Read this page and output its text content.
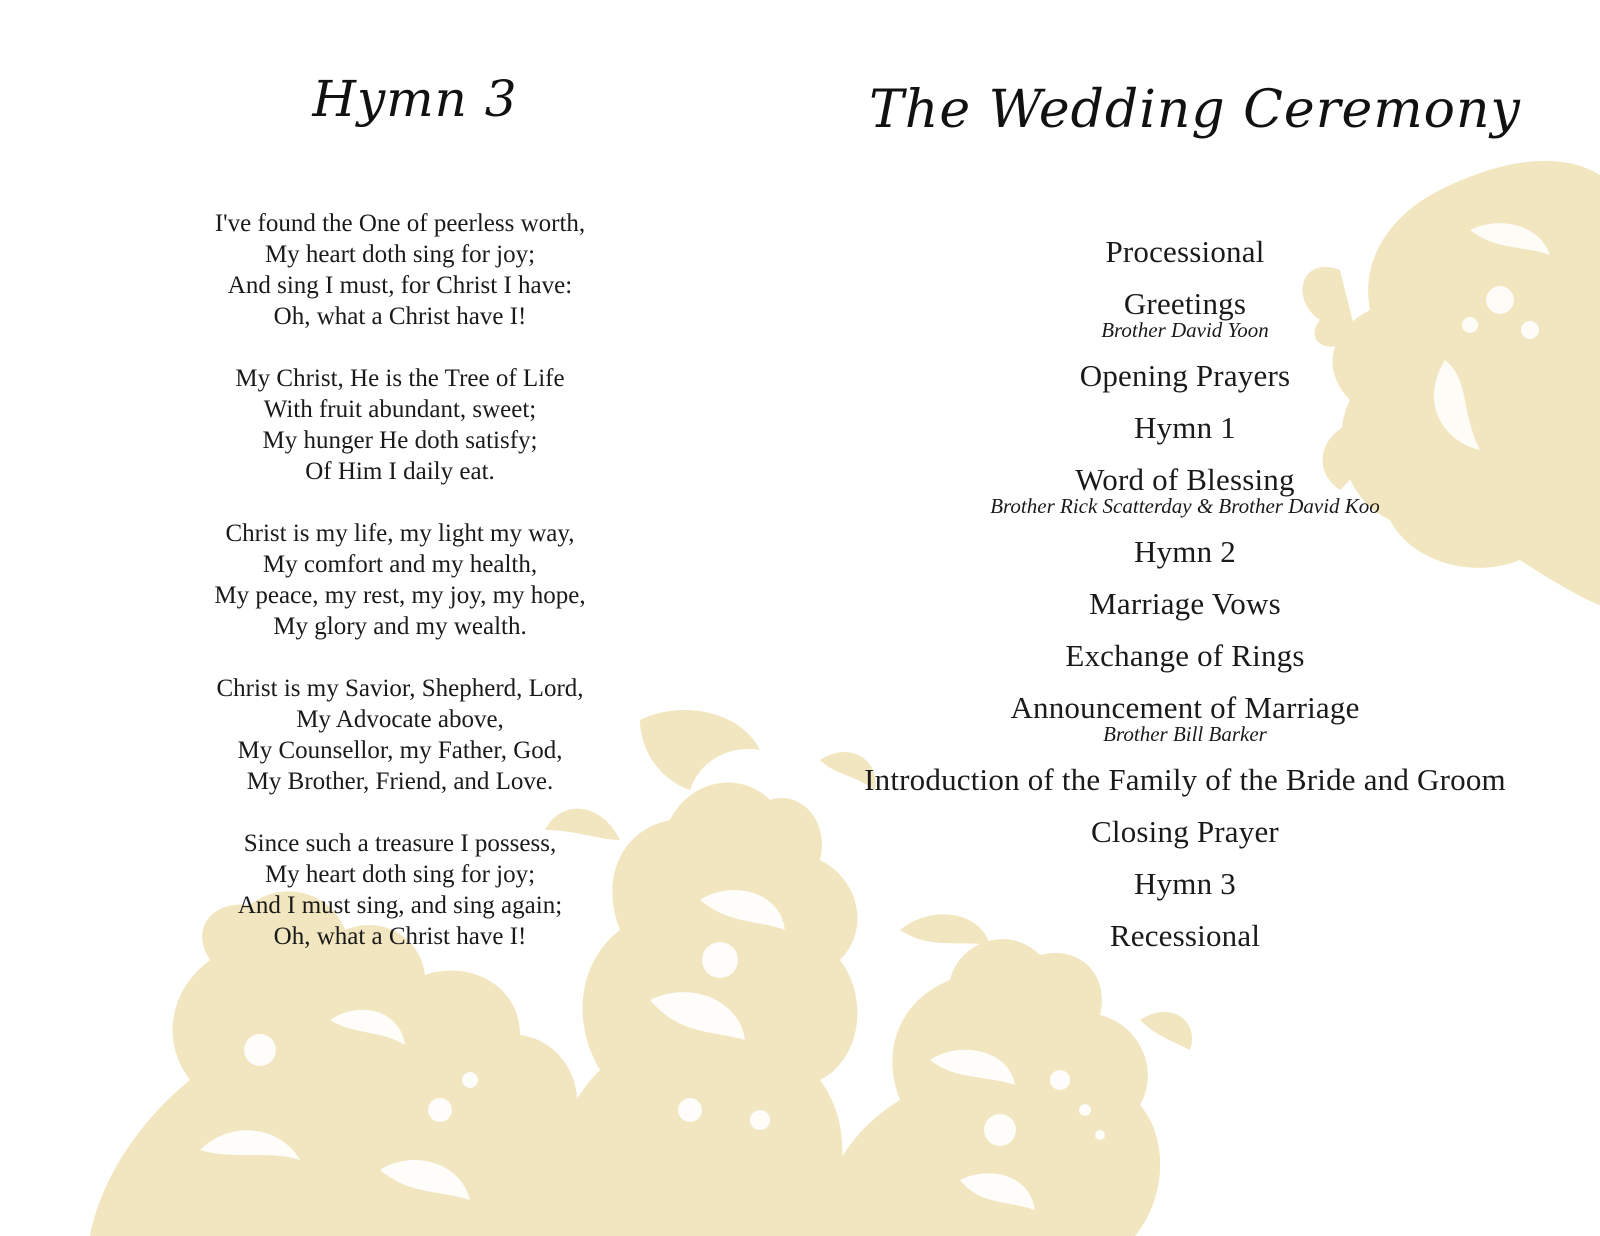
Hymn 3

I've found the One of peerless worth,
My heart doth sing for joy;
And sing I must, for Christ I have:
Oh, what a Christ have I!

My Christ, He is the Tree of Life
With fruit abundant, sweet;
My hunger He doth satisfy;
Of Him I daily eat.

Christ is my life, my light my way,
My comfort and my health,
My peace, my rest, my joy, my hope,
My glory and my wealth.

Christ is my Savior, Shepherd, Lord,
My Advocate above,
My Counsellor, my Father, God,
My Brother, Friend, and Love.

Since such a treasure I possess,
My heart doth sing for joy;
And I must sing, and sing again;
Oh, what a Christ have I!

The Wedding Ceremony
Processional
Greetings
Brother David Yoon
Opening Prayers
Hymn 1
Word of Blessing
Brother Rick Scatterday & Brother David Koo
Hymn 2
Marriage Vows
Exchange of Rings
Announcement of Marriage
Brother Bill Barker
Introduction of the Family of the Bride and Groom
Closing Prayer
Hymn 3
Recessional
